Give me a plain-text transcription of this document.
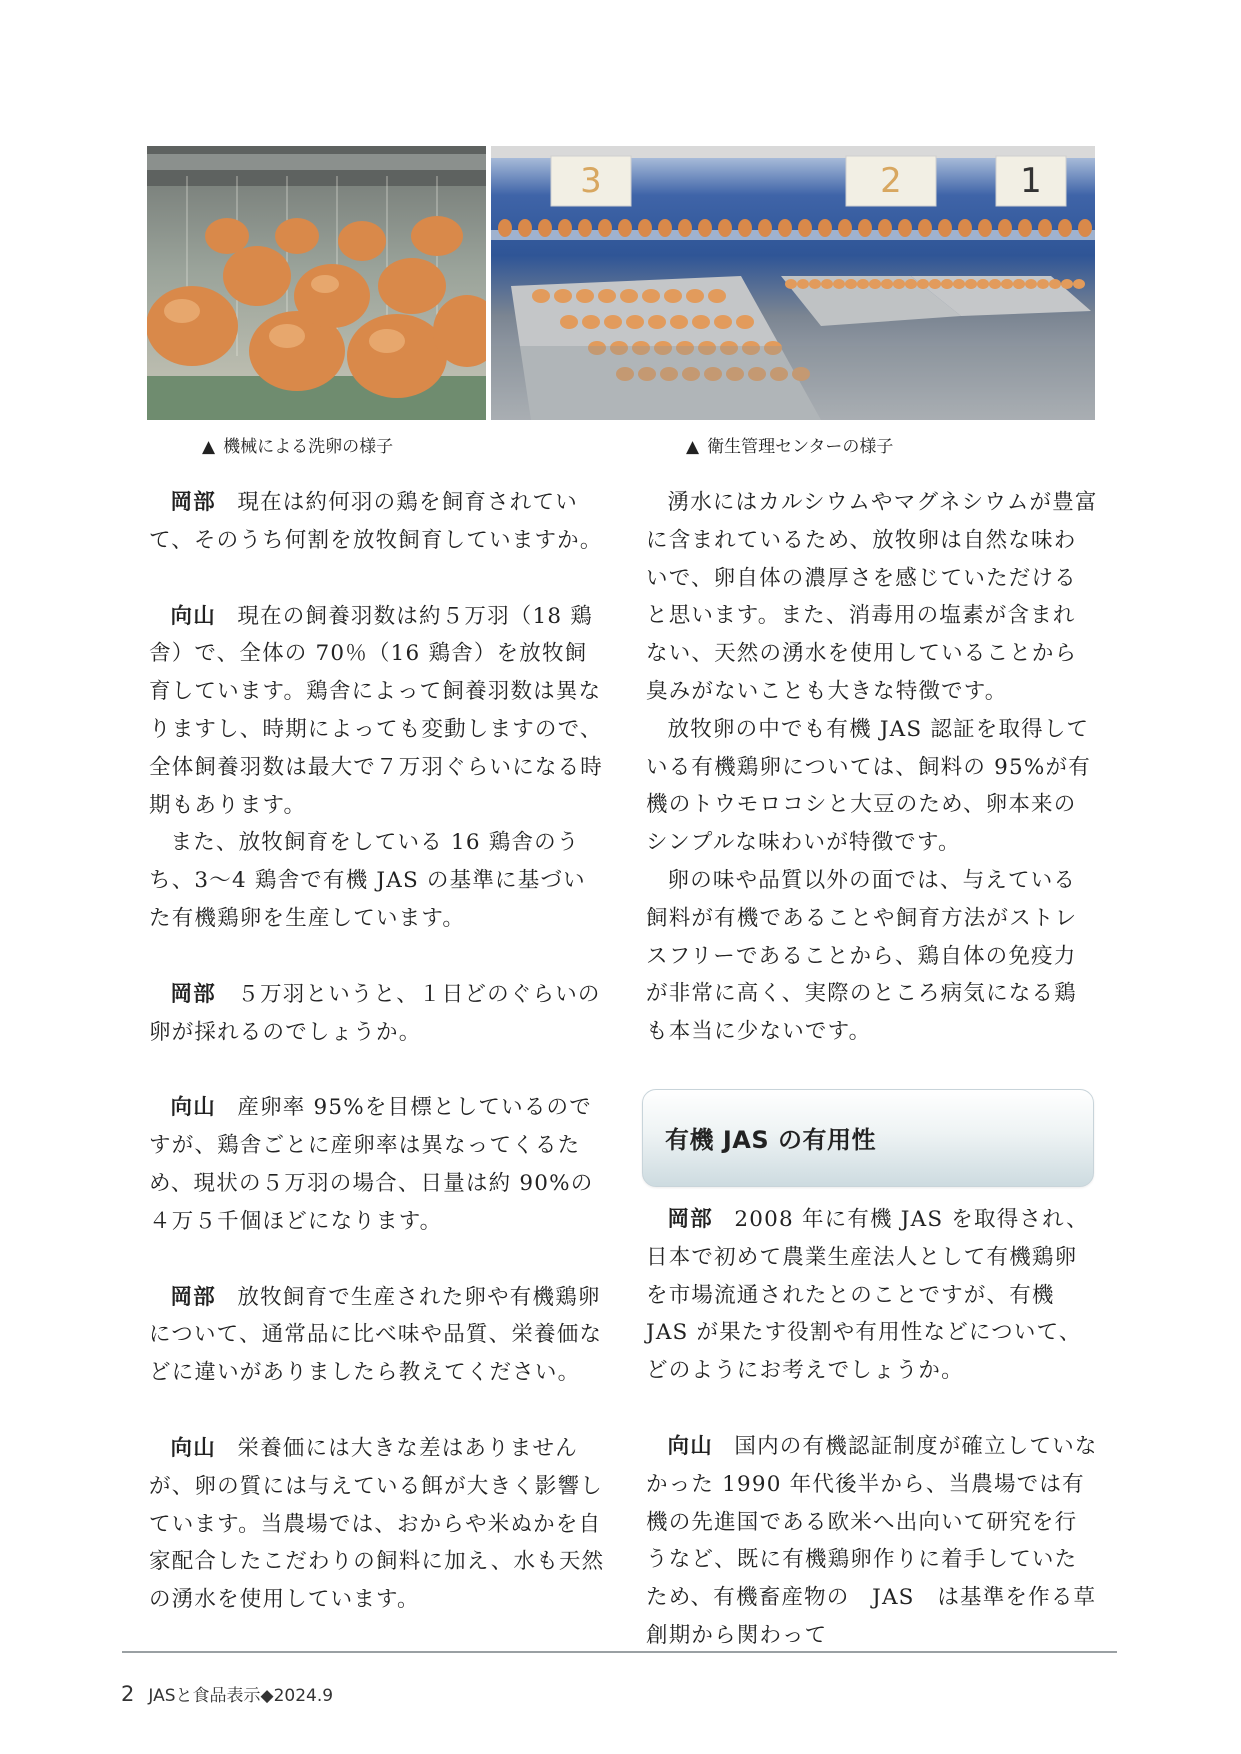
▲ 機械による洗卵の様子
3	2	1
▲ 衛生管理センターの様子

岡部 現在は約何羽の鶏を飼育されていて、そのうち何割を放牧飼育していますか。

向山 現在の飼養羽数は約５万羽（18 鶏舎）で、全体の 70％（16 鶏舎）を放牧飼育しています。鶏舎によって飼養羽数は異なりますし、時期によっても変動しますので、全体飼養羽数は最大で７万羽ぐらいになる時期もあります。

また、放牧飼育をしている 16 鶏舎のうち、3～4 鶏舎で有機 JAS の基準に基づいた有機鶏卵を生産しています。

岡部 ５万羽というと、１日どのぐらいの卵が採れるのでしょうか。

向山 産卵率 95%を目標としているのですが、鶏舎ごとに産卵率は異なってくるため、現状の５万羽の場合、日量は約 90%の４万５千個ほどになります。

岡部 放牧飼育で生産された卵や有機鶏卵について、通常品に比べ味や品質、栄養価などに違いがありましたら教えてください。

向山 栄養価には大きな差はありませんが、卵の質には与えている餌が大きく影響しています。当農場では、おからや米ぬかを自家配合したこだわりの飼料に加え、水も天然の湧水を使用しています。

湧水にはカルシウムやマグネシウムが豊富に含まれているため、放牧卵は自然な味わいで、卵自体の濃厚さを感じていただけると思います。また、消毒用の塩素が含まれない、天然の湧水を使用していることから臭みがないことも大きな特徴です。

放牧卵の中でも有機 JAS 認証を取得している有機鶏卵については、飼料の 95%が有機のトウモロコシと大豆のため、卵本来のシンプルな味わいが特徴です。

卵の味や品質以外の面では、与えている飼料が有機であることや飼育方法がストレスフリーであることから、鶏自体の免疫力が非常に高く、実際のところ病気になる鶏も本当に少ないです。

有機 JAS の有用性

岡部 2008 年に有機 JAS を取得され、日本で初めて農業生産法人として有機鶏卵を市場流通されたとのことですが、有機 JAS が果たす役割や有用性などについて、どのようにお考えでしょうか。

向山 国内の有機認証制度が確立していなかった 1990 年代後半から、当農場では有機の先進国である欧米へ出向いて研究を行うなど、既に有機鶏卵作りに着手していたため、有機畜産物の　JAS　は基準を作る草創期から関わって

2 JASと食品表示◆2024.9
